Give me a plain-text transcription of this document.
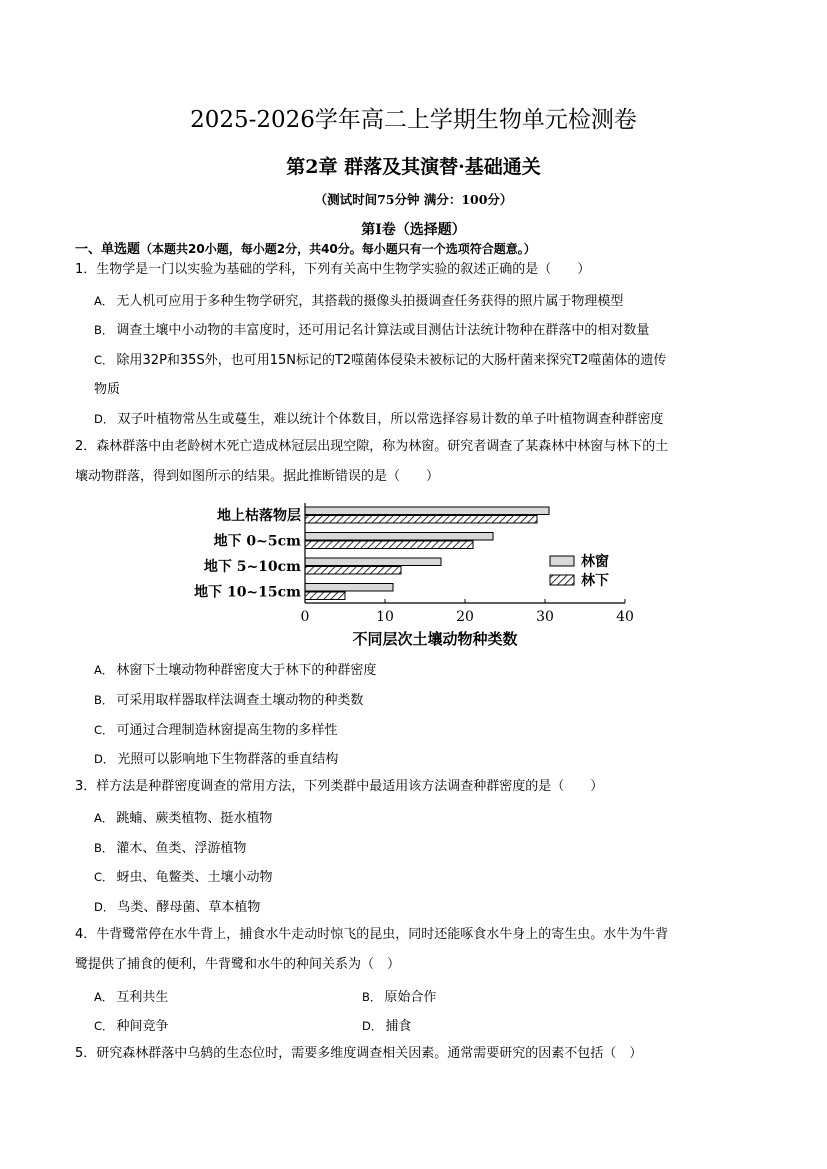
2025-2026学年高二上学期生物单元检测卷
第2章 群落及其演替·基础通关
（测试时间75分钟 满分：100分）
第Ⅰ卷（选择题）
一、单选题（本题共20小题，每小题2分，共40分。每小题只有一个选项符合题意。）
1．生物学是一门以实验为基础的学科，下列有关高中生物学实验的叙述正确的是（　　）
A． 无人机可应用于多种生物学研究，其搭载的摄像头拍摄调查任务获得的照片属于物理模型
B． 调查土壤中小动物的丰富度时，还可用记名计算法或目测估计法统计物种在群落中的相对数量
C． 除用32P和35S外，也可用15N标记的T2噬菌体侵染未被标记的大肠杆菌来探究T2噬菌体的遗传
物质
D． 双子叶植物常丛生或蔓生，难以统计个体数目，所以常选择容易计数的单子叶植物调查种群密度
2．森林群落中由老龄树木死亡造成林冠层出现空隙，称为林窗。研究者调查了某森林中林窗与林下的土
壤动物群落，得到如图所示的结果。据此推断错误的是（　　）
地上枯落物层
地下 0~5cm
地下 5~10cm
地下 10~15cm
0	10	20	30	40
不同层次土壤动物种类数
林窗
林下
A． 林窗下土壤动物种群密度大于林下的种群密度
B． 可采用取样器取样法调查土壤动物的种类数
C． 可通过合理制造林窗提高生物的多样性
D． 光照可以影响地下生物群落的垂直结构
3．样方法是种群密度调查的常用方法，下列类群中最适用该方法调查种群密度的是（　　）
A． 跳蝻、蕨类植物、挺水植物
B． 灌木、鱼类、浮游植物
C． 蚜虫、龟鳖类、土壤小动物
D． 鸟类、酵母菌、草本植物
4．牛背鹭常停在水牛背上，捕食水牛走动时惊飞的昆虫，同时还能啄食水牛身上的寄生虫。水牛为牛背
鹭提供了捕食的便利，牛背鹭和水牛的种间关系为（　）
A． 互利共生	B． 原始合作
C． 种间竞争	D． 捕食
5．研究森林群落中乌鸫的生态位时，需要多维度调查相关因素。通常需要研究的因素不包括（　）
